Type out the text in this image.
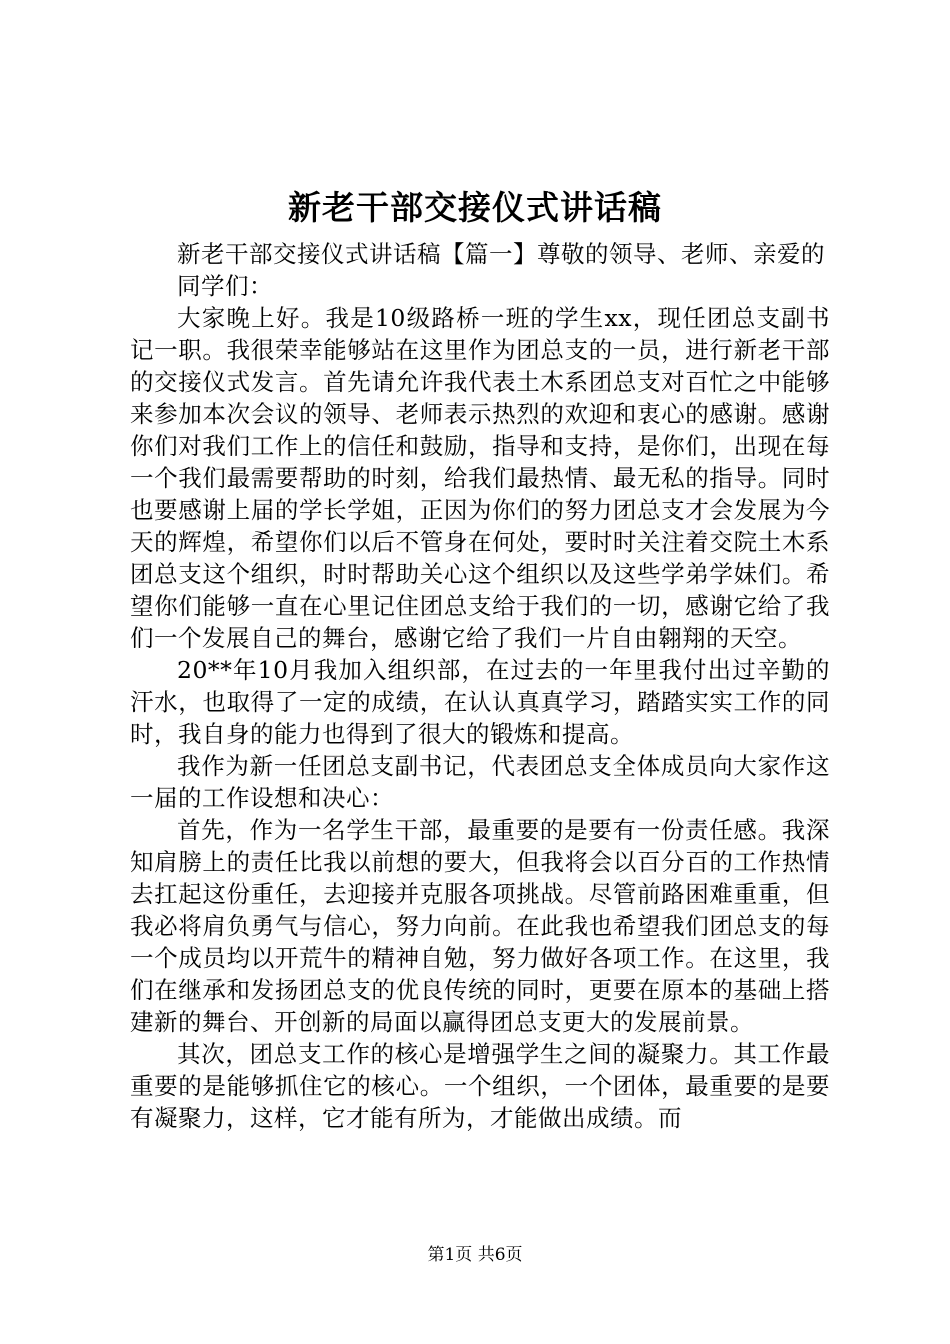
新老干部交接仪式讲话稿

新老干部交接仪式讲话稿【篇一】尊敬的领导、老师、亲爱的

同学们：

大家晚上好。我是10级路桥一班的学生xx，现任团总支副书记一职。我很荣幸能够站在这里作为团总支的一员，进行新老干部的交接仪式发言。首先请允许我代表土木系团总支对百忙之中能够来参加本次会议的领导、老师表示热烈的欢迎和衷心的感谢。感谢你们对我们工作上的信任和鼓励，指导和支持，是你们，出现在每一个我们最需要帮助的时刻，给我们最热情、最无私的指导。同时也要感谢上届的学长学姐，正因为你们的努力团总支才会发展为今天的辉煌，希望你们以后不管身在何处，要时时关注着交院土木系团总支这个组织，时时帮助关心这个组织以及这些学弟学妹们。希望你们能够一直在心里记住团总支给于我们的一切，感谢它给了我们一个发展自己的舞台，感谢它给了我们一片自由翱翔的天空。

20**年10月我加入组织部，在过去的一年里我付出过辛勤的汗水，也取得了一定的成绩，在认认真真学习，踏踏实实工作的同时，我自身的能力也得到了很大的锻炼和提高。

我作为新一任团总支副书记，代表团总支全体成员向大家作这一届的工作设想和决心：

首先，作为一名学生干部，最重要的是要有一份责任感。我深知肩膀上的责任比我以前想的要大，但我将会以百分百的工作热情去扛起这份重任，去迎接并克服各项挑战。尽管前路困难重重，但我必将肩负勇气与信心，努力向前。在此我也希望我们团总支的每一个成员均以开荒牛的精神自勉，努力做好各项工作。在这里，我们在继承和发扬团总支的优良传统的同时，更要在原本的基础上搭建新的舞台、开创新的局面以赢得团总支更大的发展前景。

其次，团总支工作的核心是增强学生之间的凝聚力。其工作最重要的是能够抓住它的核心。一个组织，一个团体，最重要的是要有凝聚力，这样，它才能有所为，才能做出成绩。而

第1页 共6页
